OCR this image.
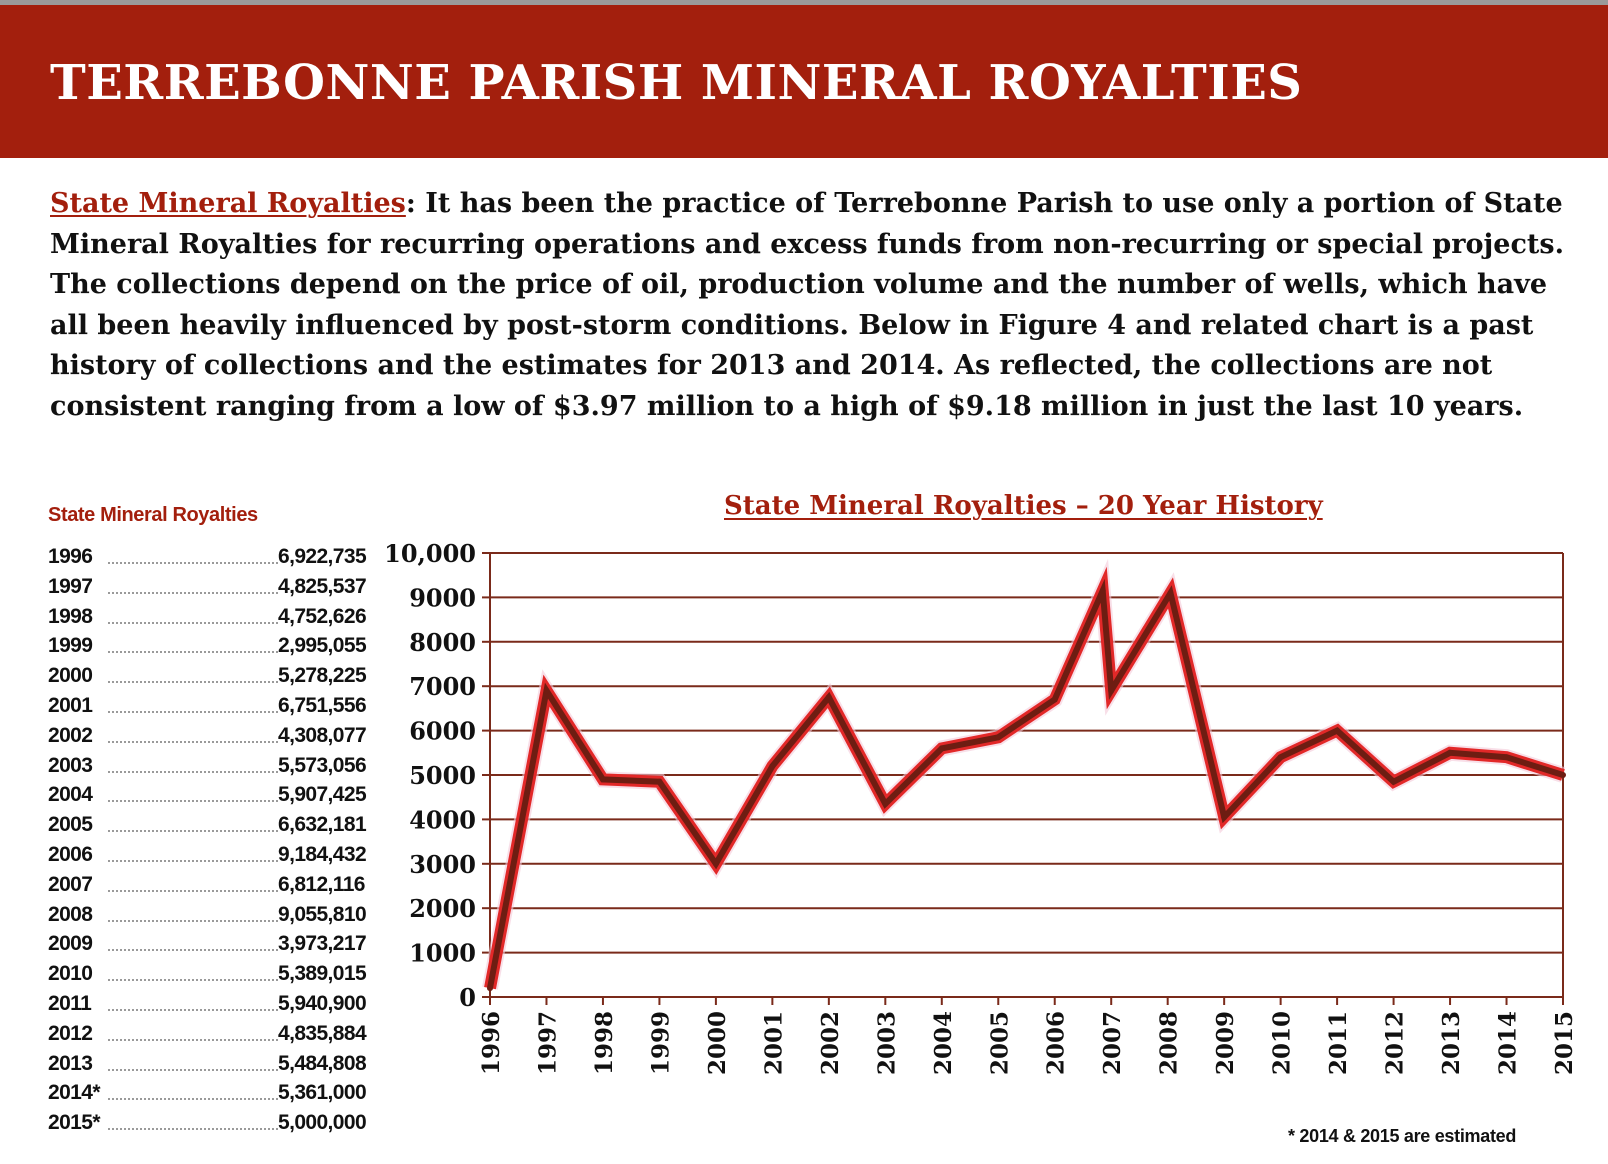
TERREBONNE PARISH MINERAL ROYALTIES

State Mineral Royalties: It has been the practice of Terrebonne Parish to use only a portion of State Mineral Royalties for recurring operations and excess funds from non-recurring or special projects. The collections depend on the price of oil, production volume and the number of wells, which have all been heavily influenced by post-storm conditions. Below in Figure 4 and related chart is a past history of collections and the estimates for 2013 and 2014. As reflected, the collections are not consistent ranging from a low of $3.97 million to a high of $9.18 million in just the last 10 years.

State Mineral Royalties
1996	6,922,735
1997	4,825,537
1998	4,752,626
1999	2,995,055
2000	5,278,225
2001	6,751,556
2002	4,308,077
2003	5,573,056
2004	5,907,425
2005	6,632,181
2006	9,184,432
2007	6,812,116
2008	9,055,810
2009	3,973,217
2010	5,389,015
2011	5,940,900
2012	4,835,884
2013	5,484,808
2014*	5,361,000
2015*	5,000,000
State Mineral Royalties – 20 Year History
0
1000
2000
3000
4000
5000
6000
7000
8000
9000
10,000
1996 1997 1998 1999 2000 2001 2002 2003 2004 2005 2006 2007 2008 2009 2010 2011 2012 2013 2014 2015
* 2014 & 2015 are estimated
